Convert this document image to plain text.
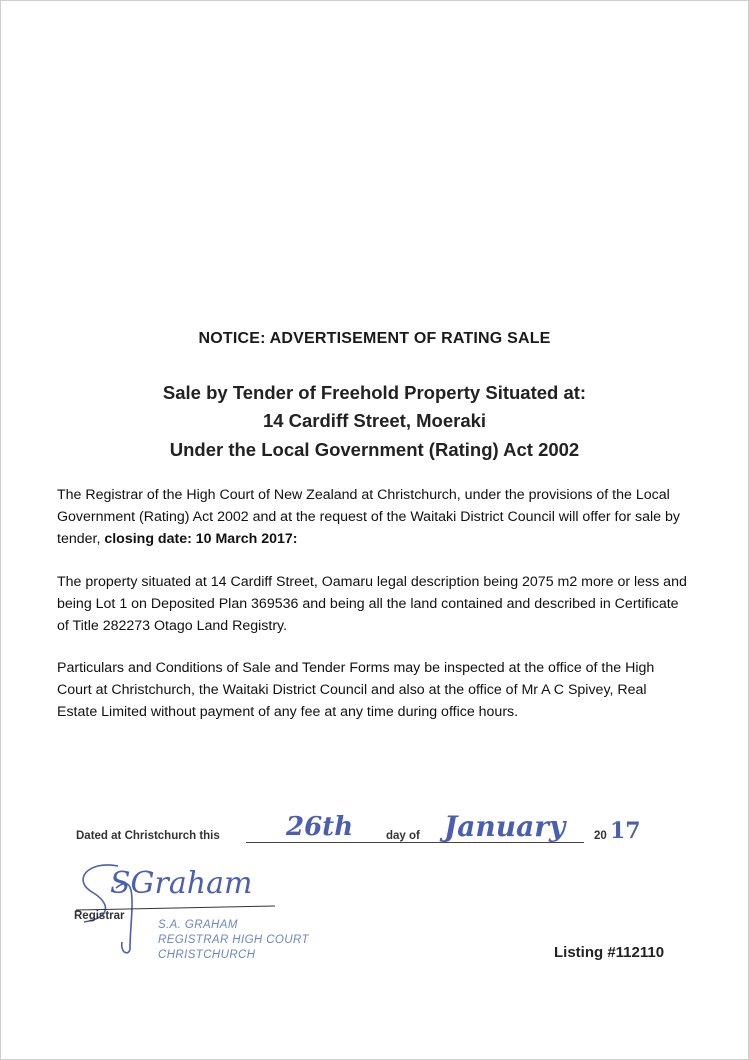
NOTICE: ADVERTISEMENT OF RATING SALE
Sale by Tender of Freehold Property Situated at:
14 Cardiff Street, Moeraki
Under the Local Government (Rating) Act 2002
The Registrar of the High Court of New Zealand at Christchurch, under the provisions of the Local Government (Rating) Act 2002 and at the request of the Waitaki District Council will offer for sale by tender, closing date: 10 March 2017:
The property situated at 14 Cardiff Street, Oamaru legal description being 2075 m2 more or less and being Lot 1 on Deposited Plan 369536 and being all the land contained and described in Certificate of Title 282273 Otago Land Registry.
Particulars and Conditions of Sale and Tender Forms may be inspected at the office of the High Court at Christchurch, the Waitaki District Council and also at the office of Mr A C Spivey, Real Estate Limited without payment of any fee at any time during office hours.
Dated at Christchurch this	26th	day of January 20 17
SGraham
Registrar
S.A. GRAHAM
REGISTRAR HIGH COURT
CHRISTCHURCH	Listing #112110
